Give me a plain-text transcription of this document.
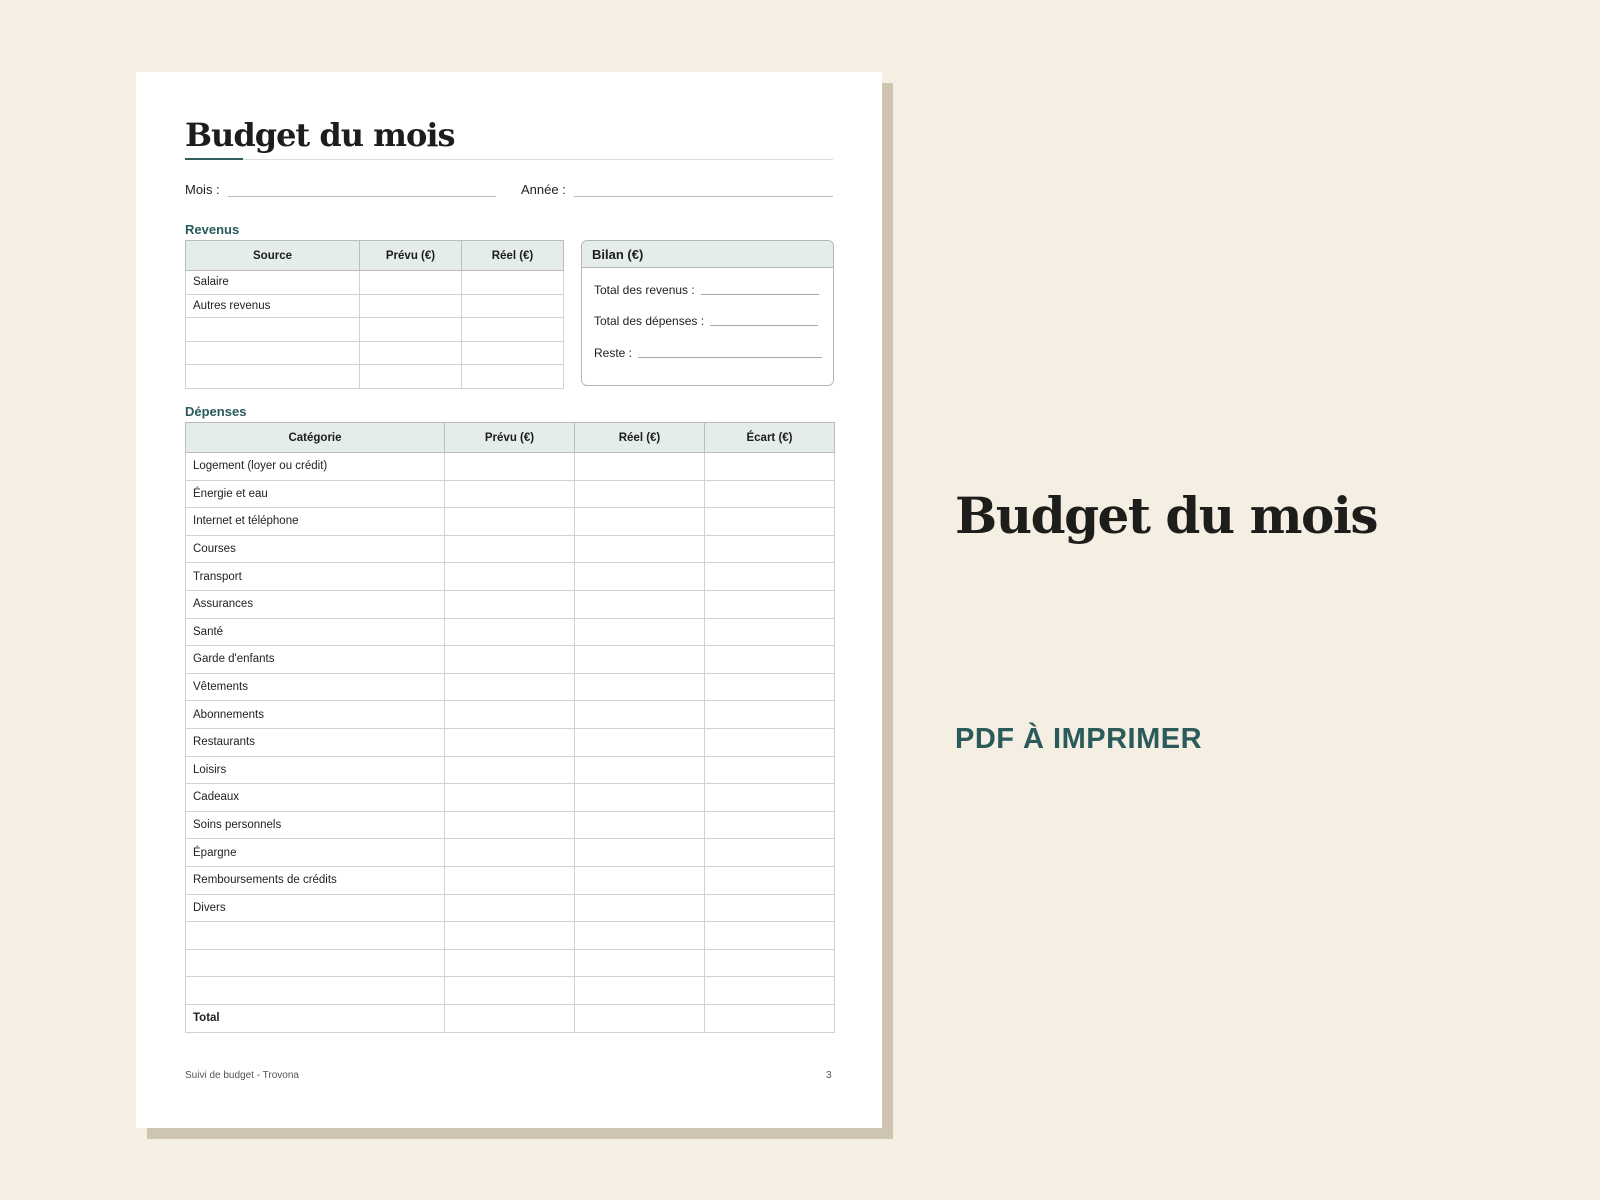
Budget du mois
Mois :	Année :
Revenus
Source	Prévu (€)	Réel (€)
Salaire		
Autres revenus		

Bilan (€)
Total des revenus :
Total des dépenses :
Reste :
Dépenses
Catégorie	Prévu (€)	Réel (€)	Écart (€)
Logement (loyer ou crédit)			
Énergie et eau			
Internet et téléphone			
Courses			
Transport			
Assurances			
Santé			
Garde d'enfants			
Vêtements			
Abonnements			
Restaurants			
Loisirs			
Cadeaux			
Soins personnels			
Épargne			
Remboursements de crédits			
Divers			

Total			
Suivi de budget - Trovona	3
Budget du mois
PDF À IMPRIMER
